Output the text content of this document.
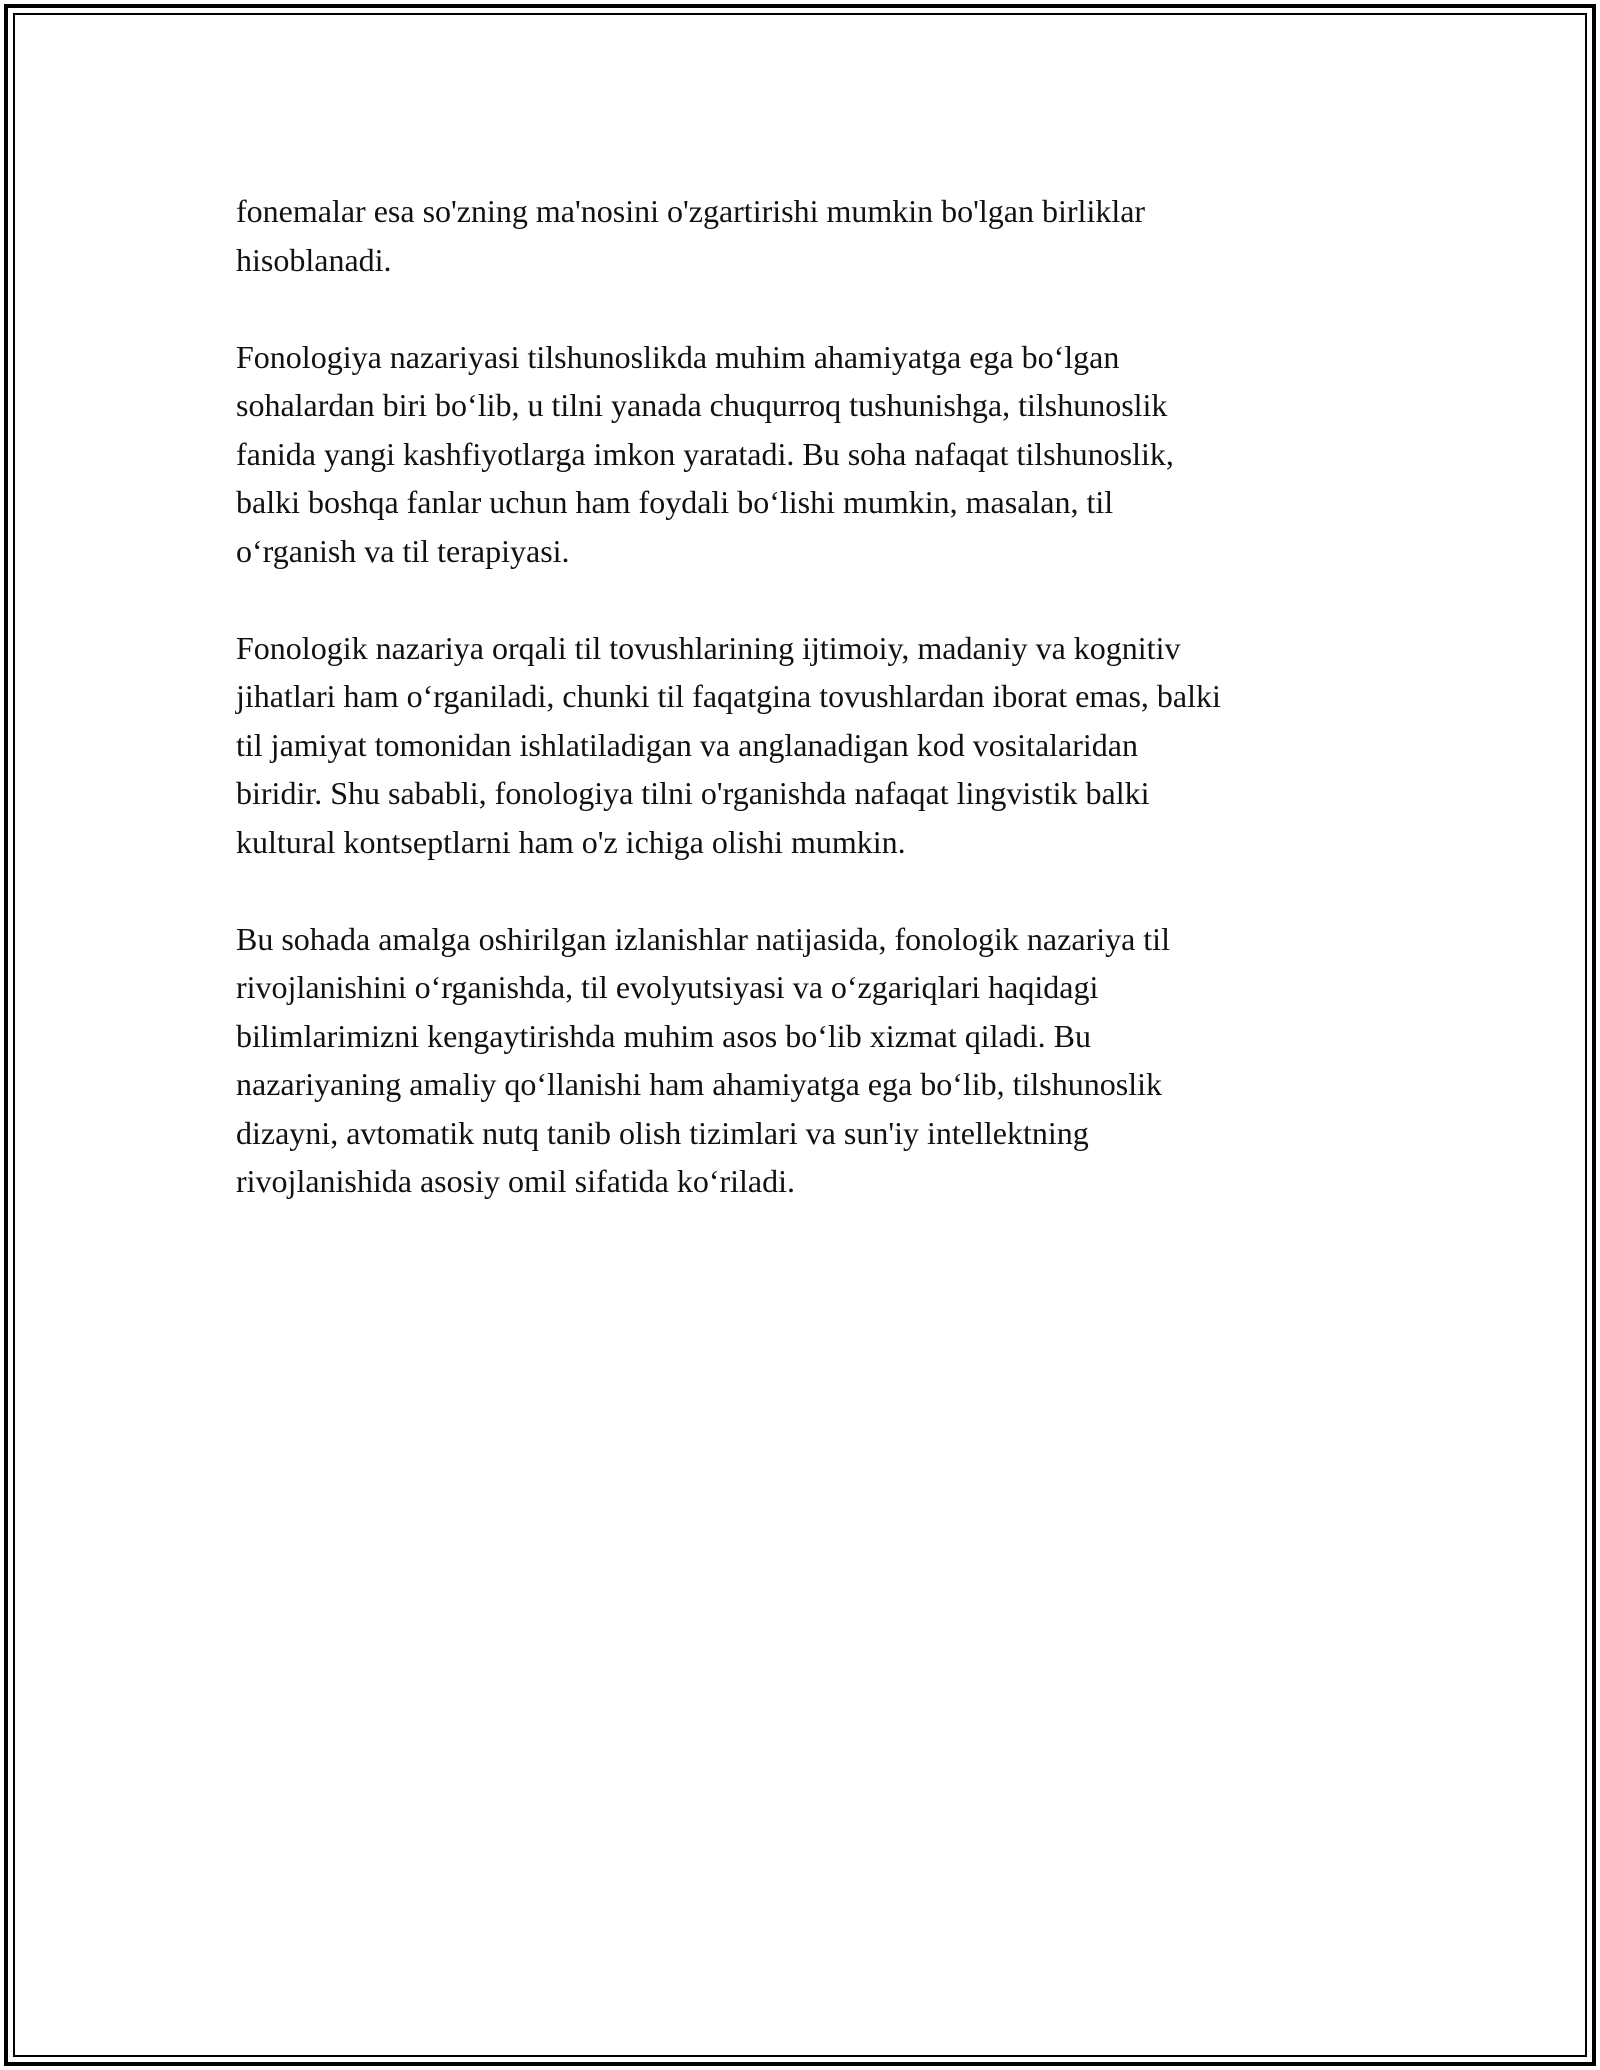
fonemalar esa so'zning ma'nosini o'zgartirishi mumkin bo'lgan birliklar
hisoblanadi.

Fonologiya nazariyasi tilshunoslikda muhim ahamiyatga ega bo‘lgan
sohalardan biri bo‘lib, u tilni yanada chuqurroq tushunishga, tilshunoslik
fanida yangi kashfiyotlarga imkon yaratadi. Bu soha nafaqat tilshunoslik,
balki boshqa fanlar uchun ham foydali bo‘lishi mumkin, masalan, til
o‘rganish va til terapiyasi.

Fonologik nazariya orqali til tovushlarining ijtimoiy, madaniy va kognitiv
jihatlari ham o‘rganiladi, chunki til faqatgina tovushlardan iborat emas, balki
til jamiyat tomonidan ishlatiladigan va anglanadigan kod vositalaridan
biridir. Shu sababli, fonologiya tilni o'rganishda nafaqat lingvistik balki
kultural kontseptlarni ham o'z ichiga olishi mumkin.

Bu sohada amalga oshirilgan izlanishlar natijasida, fonologik nazariya til
rivojlanishini o‘rganishda, til evolyutsiyasi va o‘zgariqlari haqidagi
bilimlarimizni kengaytirishda muhim asos bo‘lib xizmat qiladi. Bu
nazariyaning amaliy qo‘llanishi ham ahamiyatga ega bo‘lib, tilshunoslik
dizayni, avtomatik nutq tanib olish tizimlari va sun'iy intellektning
rivojlanishida asosiy omil sifatida ko‘riladi.
